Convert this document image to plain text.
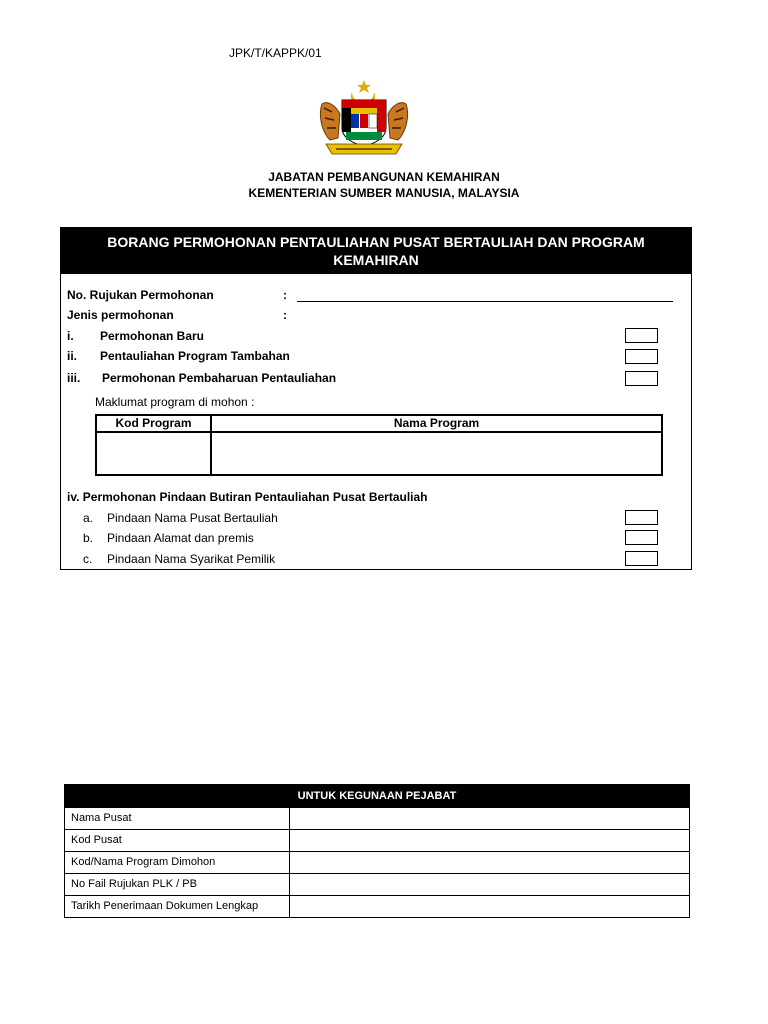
JPK/T/KAPPK/01
JABATAN PEMBANGUNAN KEMAHIRAN
KEMENTERIAN SUMBER MANUSIA, MALAYSIA
BORANG PERMOHONAN PENTAULIAHAN PUSAT BERTAULIAH DAN PROGRAM
KEMAHIRAN
No. Rujukan Permohonan	:
Jenis permohonan	:
i. Permohonan Baru
ii. Pentauliahan Program Tambahan
iii. Permohonan Pembaharuan Pentauliahan
Maklumat program di mohon :
Kod Program	Nama Program
iv. Permohonan Pindaan Butiran Pentauliahan Pusat Bertauliah
a. Pindaan Nama Pusat Bertauliah
b. Pindaan Alamat dan premis
c. Pindaan Nama Syarikat Pemilik
UNTUK KEGUNAAN PEJABAT
Nama Pusat
Kod Pusat
Kod/Nama Program Dimohon
No Fail Rujukan PLK / PB
Tarikh Penerimaan Dokumen Lengkap
